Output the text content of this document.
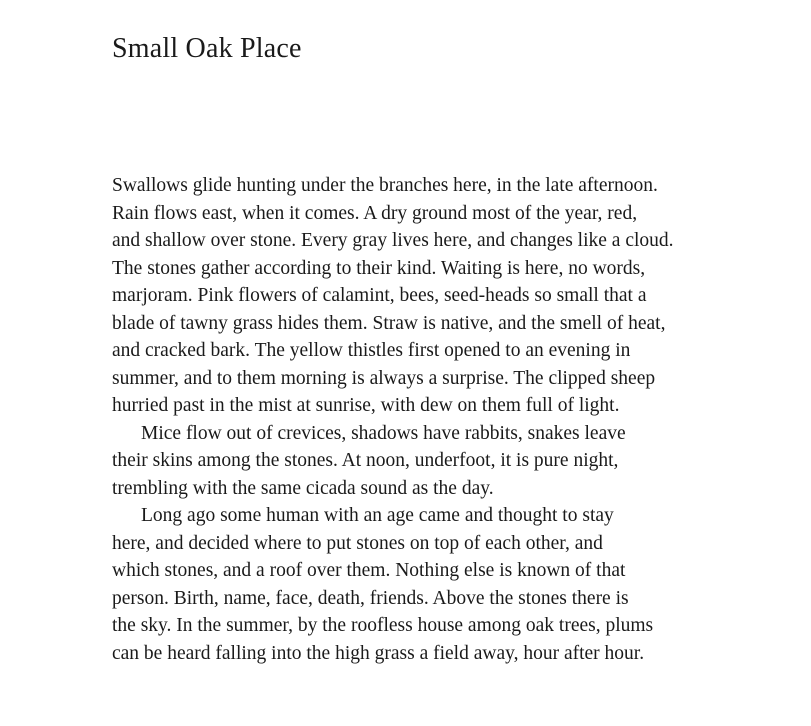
Small Oak Place
Swallows glide hunting under the branches here, in the late afternoon.
Rain flows east, when it comes. A dry ground most of the year, red,
and shallow over stone. Every gray lives here, and changes like a cloud.
The stones gather according to their kind. Waiting is here, no words,
marjoram. Pink flowers of calamint, bees, seed-heads so small that a
blade of tawny grass hides them. Straw is native, and the smell of heat,
and cracked bark. The yellow thistles first opened to an evening in
summer, and to them morning is always a surprise. The clipped sheep
hurried past in the mist at sunrise, with dew on them full of light.
Mice flow out of crevices, shadows have rabbits, snakes leave
their skins among the stones. At noon, underfoot, it is pure night,
trembling with the same cicada sound as the day.
Long ago some human with an age came and thought to stay
here, and decided where to put stones on top of each other, and
which stones, and a roof over them. Nothing else is known of that
person. Birth, name, face, death, friends. Above the stones there is
the sky. In the summer, by the roofless house among oak trees, plums
can be heard falling into the high grass a field away, hour after hour.
